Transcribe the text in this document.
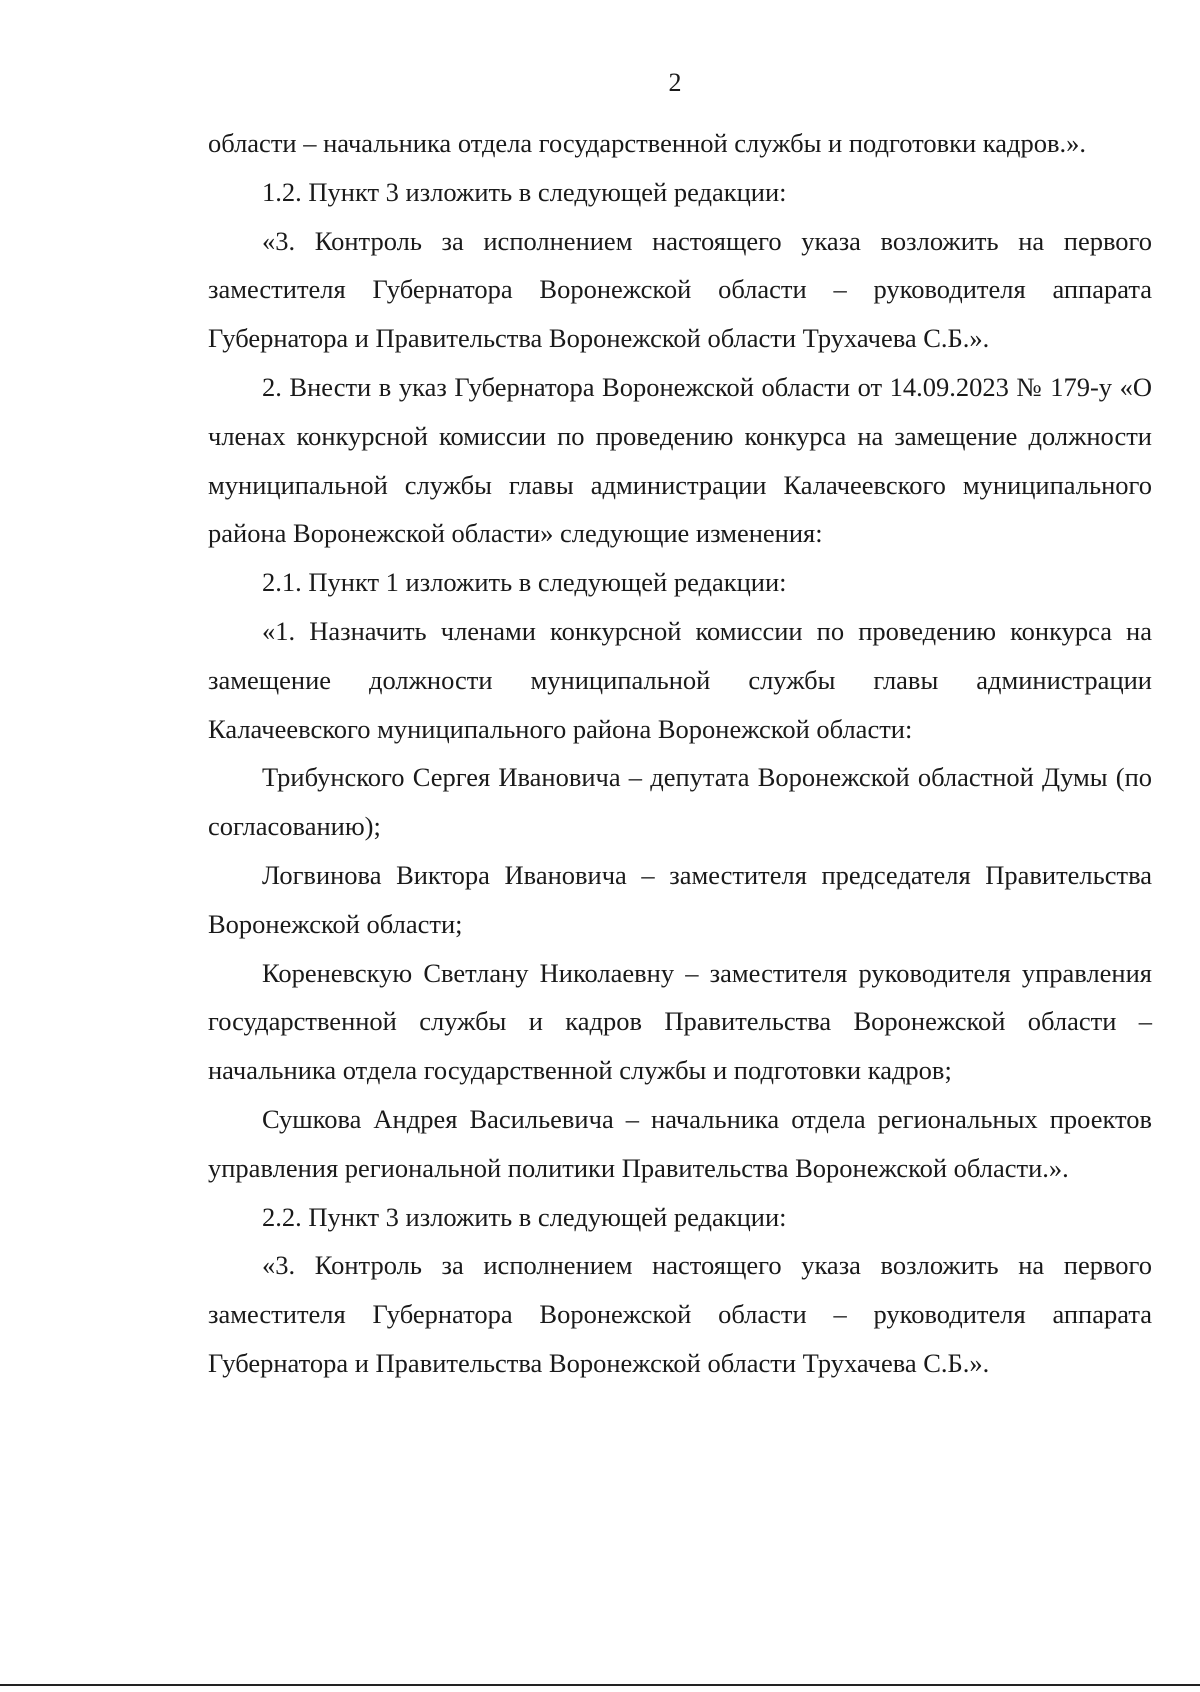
2

области – начальника отдела государственной службы и подготовки кадров.».

1.2. Пункт 3 изложить в следующей редакции:

«3. Контроль за исполнением настоящего указа возложить на первого заместителя Губернатора Воронежской области – руководителя аппарата Губернатора и Правительства Воронежской области Трухачева С.Б.».

2. Внести в указ Губернатора Воронежской области от 14.09.2023 № 179-у «О членах конкурсной комиссии по проведению конкурса на замещение должности муниципальной службы главы администрации Калачеевского муниципального района Воронежской области» следующие изменения:

2.1. Пункт 1 изложить в следующей редакции:

«1. Назначить членами конкурсной комиссии по проведению конкурса на замещение должности муниципальной службы главы администрации Калачеевского муниципального района Воронежской области:

Трибунского Сергея Ивановича – депутата Воронежской областной Думы (по согласованию);

Логвинова Виктора Ивановича – заместителя председателя Правительства Воронежской области;

Кореневскую Светлану Николаевну – заместителя руководителя управления государственной службы и кадров Правительства Воронежской области – начальника отдела государственной службы и подготовки кадров;

Сушкова Андрея Васильевича – начальника отдела региональных проектов управления региональной политики Правительства Воронежской области.».

2.2. Пункт 3 изложить в следующей редакции:

«3. Контроль за исполнением настоящего указа возложить на первого заместителя Губернатора Воронежской области – руководителя аппарата Губернатора и Правительства Воронежской области Трухачева С.Б.».
